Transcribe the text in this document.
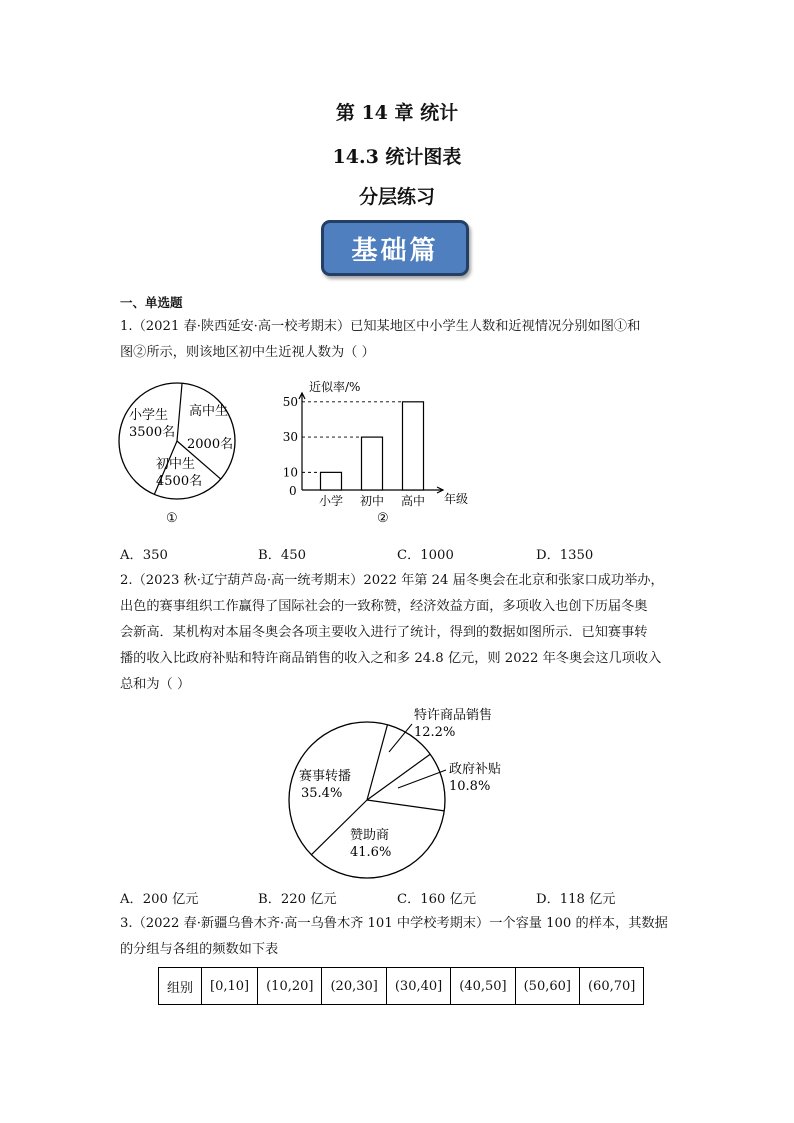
第 14 章 统计
14.3 统计图表
分层练习
基础篇
一、单选题
1.（2021 春·陕西延安·高一校考期末）已知某地区中小学生人数和近视情况分别如图①和
图②所示，则该地区初中生近视人数为（ ）
小学生
3500名
高中生
2000名
初中生
4500名
①
10
小学
30
初中
50
高中
近似率/%
年级
0
②
A．350	B．450	C．1000	D．1350
2.（2023 秋·辽宁葫芦岛·高一统考期末）2022 年第 24 届冬奥会在北京和张家口成功举办，
出色的赛事组织工作赢得了国际社会的一致称赞，经济效益方面，多项收入也创下历届冬奥
会新高．某机构对本届冬奥会各项主要收入进行了统计，得到的数据如图所示．已知赛事转
播的收入比政府补贴和特许商品销售的收入之和多 24.8 亿元，则 2022 年冬奥会这几项收入
总和为（ ）
特许商品销售
12.2%
政府补贴
10.8%
赞助商
41.6%
赛事转播
35.4%
A．200 亿元	B．220 亿元	C．160 亿元	D．118 亿元
3.（2022 春·新疆乌鲁木齐·高一乌鲁木齐 101 中学校考期末）一个容量 100 的样本，其数据
的分组与各组的频数如下表
组别	[0,10]	(10,20]	(20,30]	(30,40]	(40,50]	(50,60]	(60,70]
